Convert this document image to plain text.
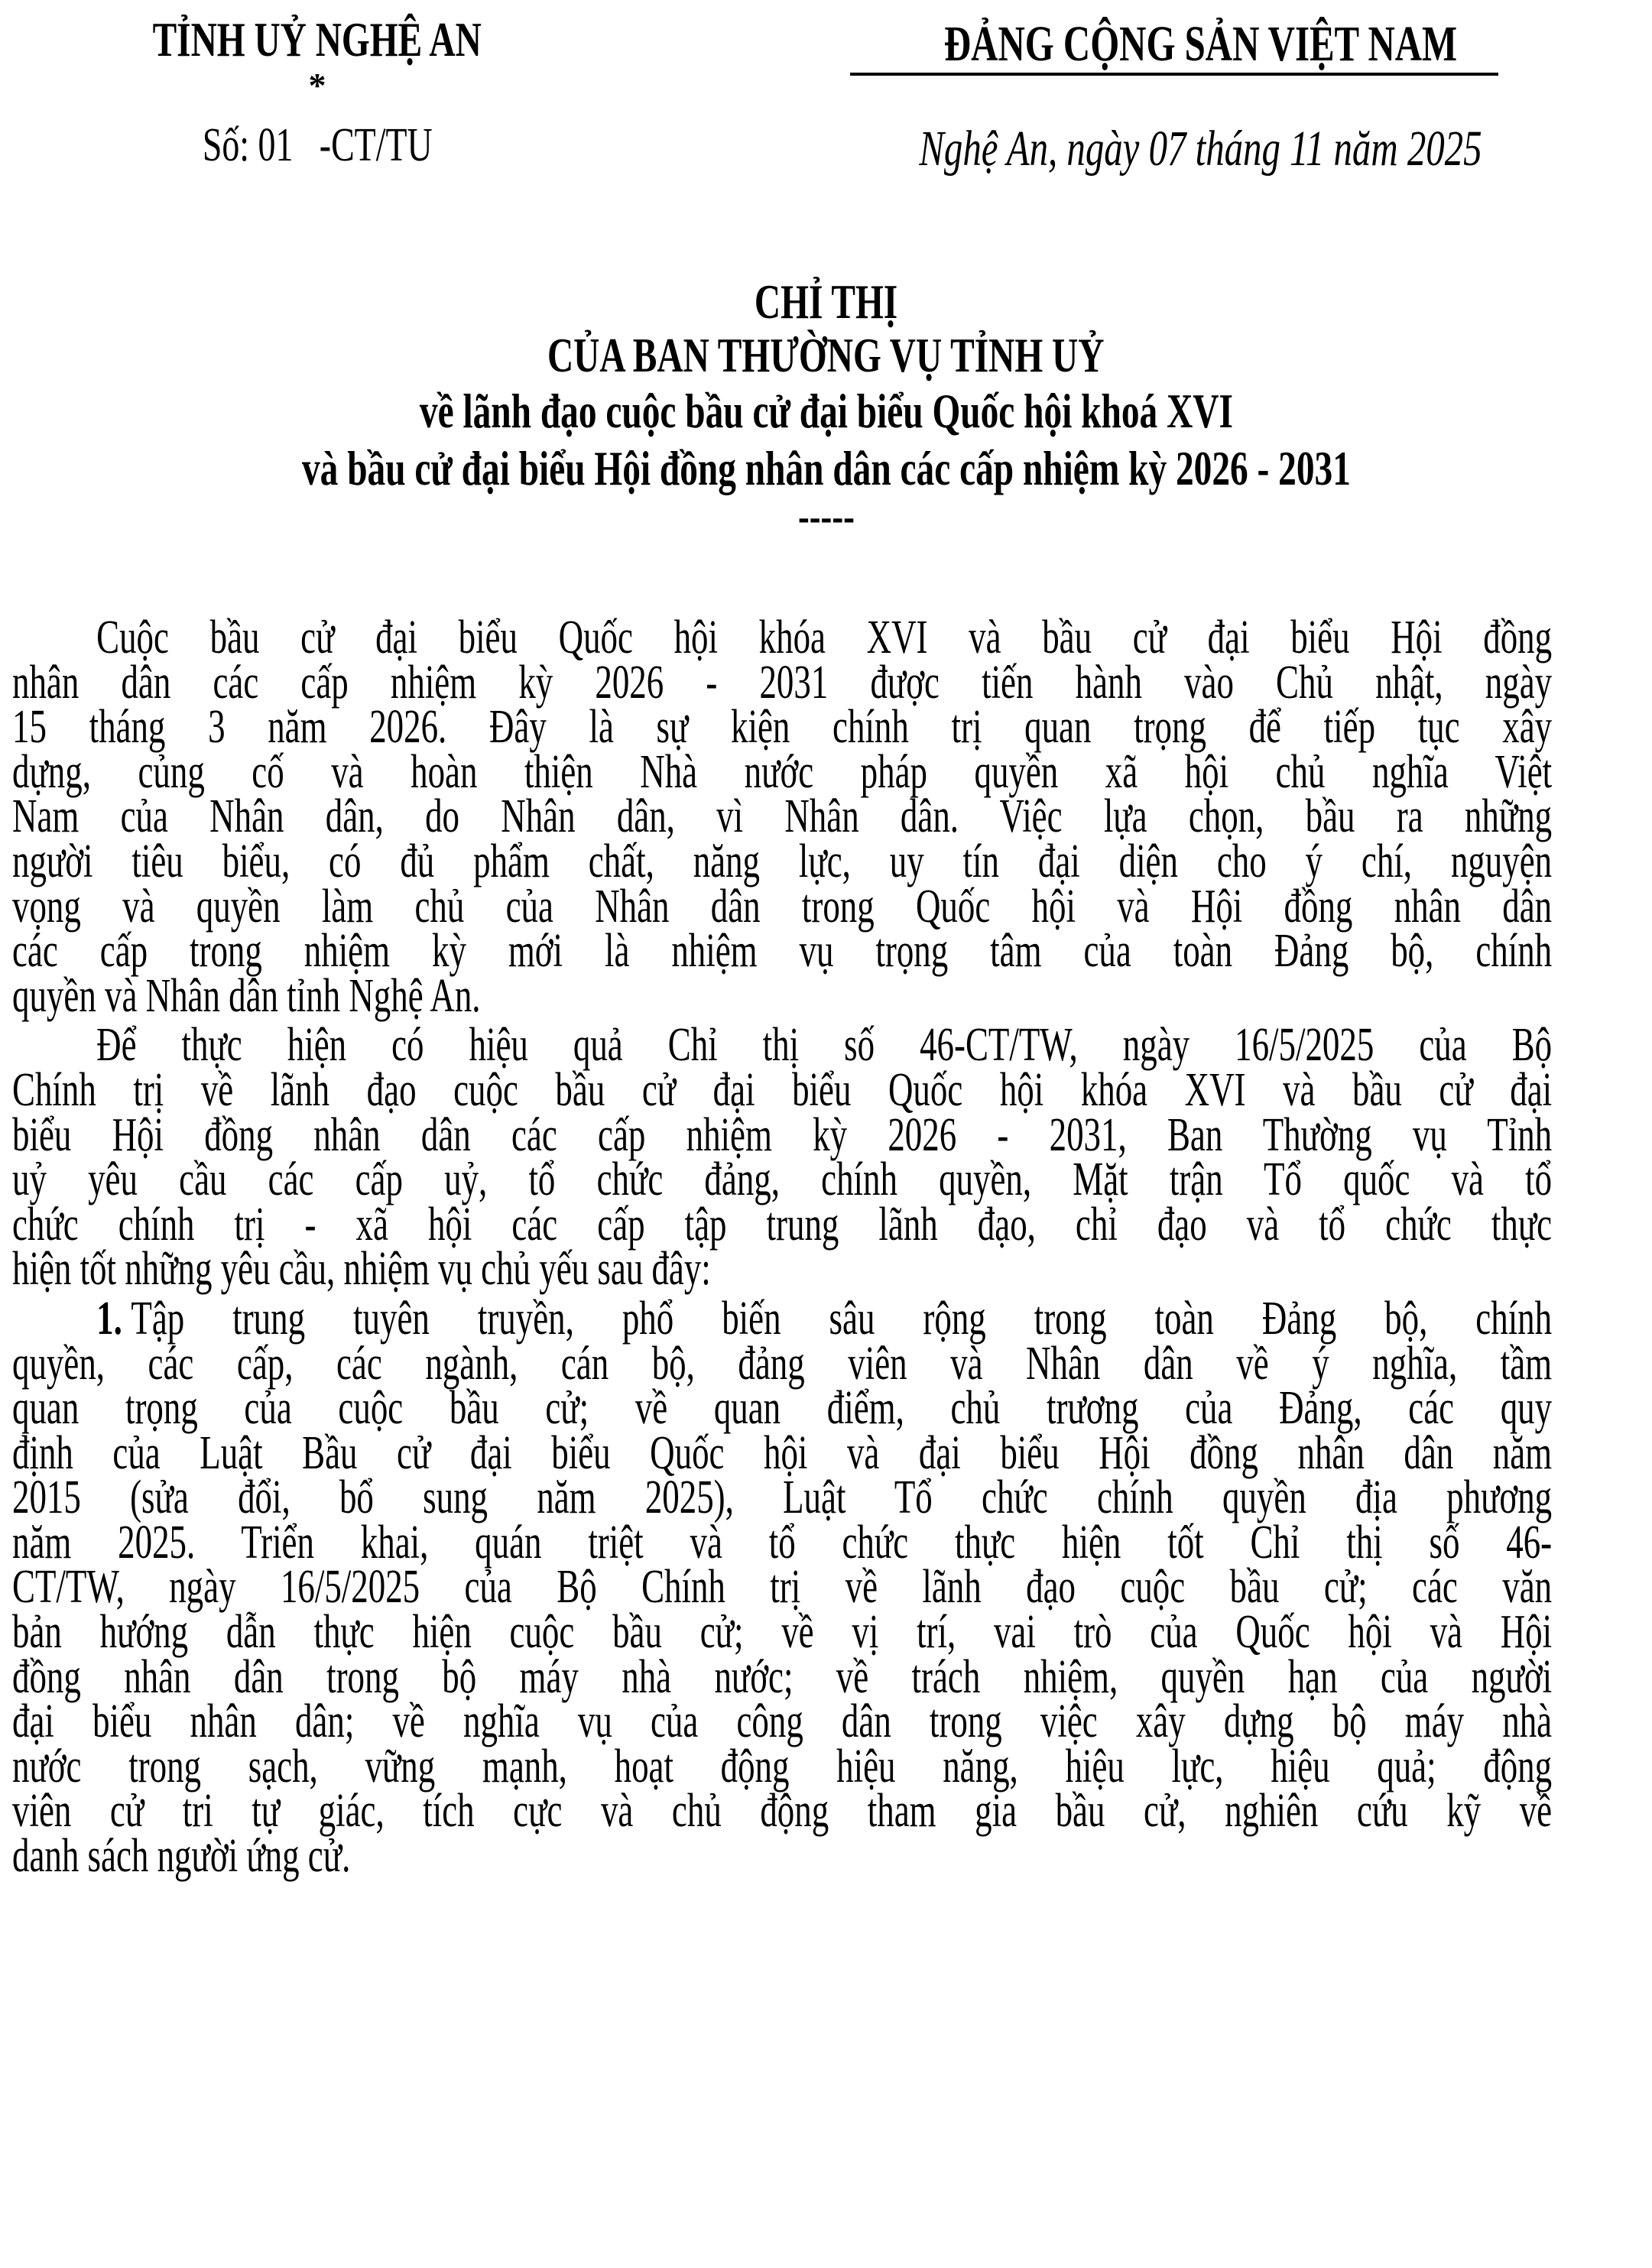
TỈNH UỶ NGHỆ AN
*
Số: 01   -CT/TU
ĐẢNG CỘNG SẢN VIỆT NAM
Nghệ An, ngày 07 tháng 11 năm 2025
CHỈ THỊ
CỦA BAN THƯỜNG VỤ TỈNH UỶ
về lãnh đạo cuộc bầu cử đại biểu Quốc hội khoá XVI
và bầu cử đại biểu Hội đồng nhân dân các cấp nhiệm kỳ 2026 - 2031
-----
Cuộc bầu cử đại biểu Quốc hội khóa XVI và bầu cử đại biểu Hội đồng
nhân dân các cấp nhiệm kỳ 2026 - 2031 được tiến hành vào Chủ nhật, ngày
15 tháng 3 năm 2026. Đây là sự kiện chính trị quan trọng để tiếp tục xây
dựng, củng cố và hoàn thiện Nhà nước pháp quyền xã hội chủ nghĩa Việt
Nam của Nhân dân, do Nhân dân, vì Nhân dân. Việc lựa chọn, bầu ra những
người tiêu biểu, có đủ phẩm chất, năng lực, uy tín đại diện cho ý chí, nguyện
vọng và quyền làm chủ của Nhân dân trong Quốc hội và Hội đồng nhân dân
các cấp trong nhiệm kỳ mới là nhiệm vụ trọng tâm của toàn Đảng bộ, chính
quyền và Nhân dân tỉnh Nghệ An.
Để thực hiện có hiệu quả Chỉ thị số 46-CT/TW, ngày 16/5/2025 của Bộ
Chính trị về lãnh đạo cuộc bầu cử đại biểu Quốc hội khóa XVI và bầu cử đại
biểu Hội đồng nhân dân các cấp nhiệm kỳ 2026 - 2031, Ban Thường vụ Tỉnh
uỷ yêu cầu các cấp uỷ, tổ chức đảng, chính quyền, Mặt trận Tổ quốc và tổ
chức chính trị - xã hội các cấp tập trung lãnh đạo, chỉ đạo và tổ chức thực
hiện tốt những yêu cầu, nhiệm vụ chủ yếu sau đây:
1. Tập trung tuyên truyền, phổ biến sâu rộng trong toàn Đảng bộ, chính
quyền, các cấp, các ngành, cán bộ, đảng viên và Nhân dân về ý nghĩa, tầm
quan trọng của cuộc bầu cử; về quan điểm, chủ trương của Đảng, các quy
định của Luật Bầu cử đại biểu Quốc hội và đại biểu Hội đồng nhân dân năm
2015 (sửa đổi, bổ sung năm 2025), Luật Tổ chức chính quyền địa phương
năm 2025. Triển khai, quán triệt và tổ chức thực hiện tốt Chỉ thị số 46-
CT/TW, ngày 16/5/2025 của Bộ Chính trị về lãnh đạo cuộc bầu cử; các văn
bản hướng dẫn thực hiện cuộc bầu cử; về vị trí, vai trò của Quốc hội và Hội
đồng nhân dân trong bộ máy nhà nước; về trách nhiệm, quyền hạn của người
đại biểu nhân dân; về nghĩa vụ của công dân trong việc xây dựng bộ máy nhà
nước trong sạch, vững mạnh, hoạt động hiệu năng, hiệu lực, hiệu quả; động
viên cử tri tự giác, tích cực và chủ động tham gia bầu cử, nghiên cứu kỹ về
danh sách người ứng cử.
